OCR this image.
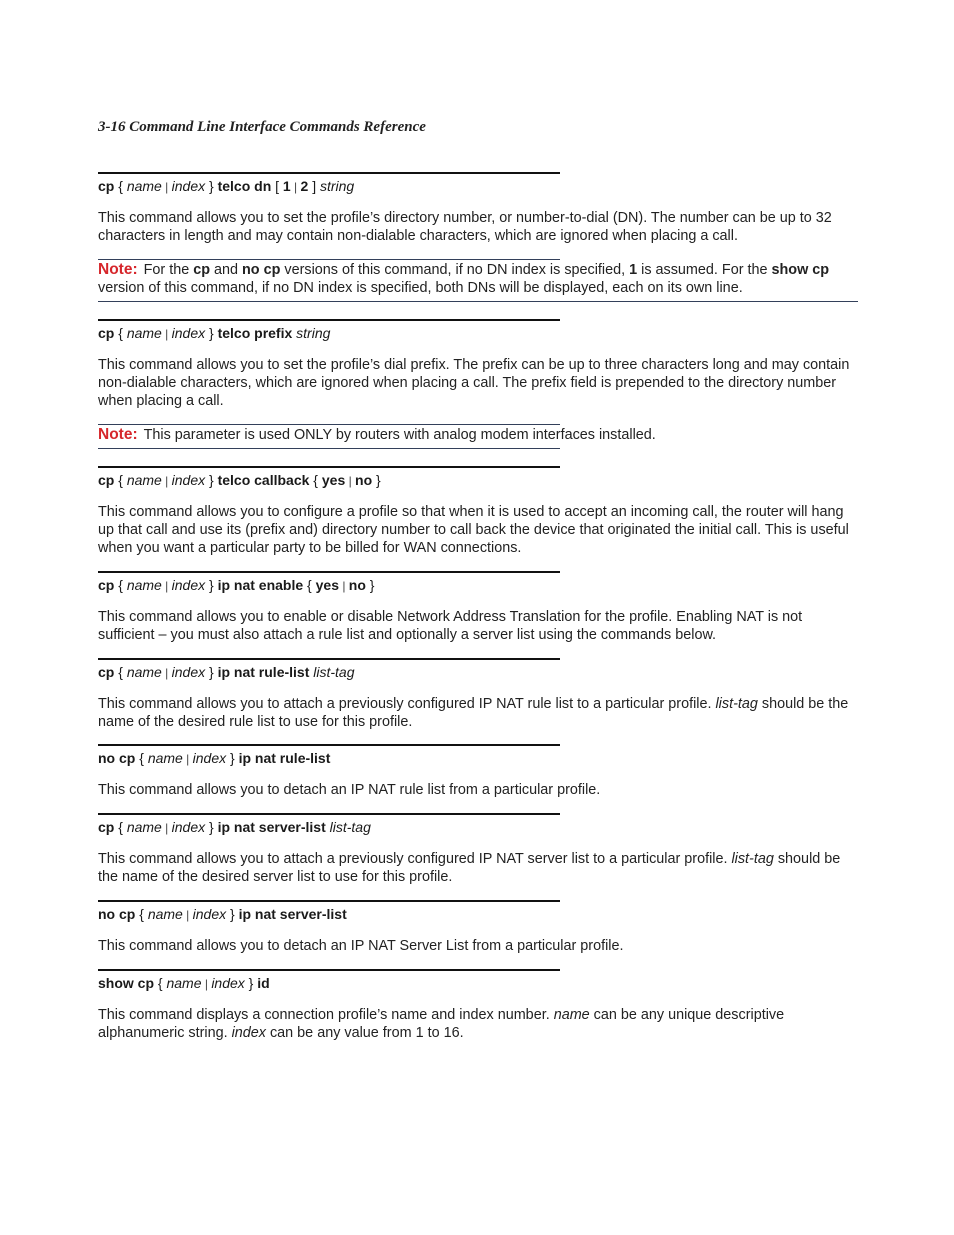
3-16 Command Line Interface Commands Reference
cp { name | index } telco dn [ 1 | 2 ] string
This command allows you to set the profile’s directory number, or number-to-dial (DN). The number can be up to 32 characters in length and may contain non-dialable characters, which are ignored when placing a call.
Note: For the cp and no cp versions of this command, if no DN index is specified, 1 is assumed. For the show cp version of this command, if no DN index is specified, both DNs will be displayed, each on its own line.
cp { name | index } telco prefix string
This command allows you to set the profile’s dial prefix. The prefix can be up to three characters long and may contain non-dialable characters, which are ignored when placing a call. The prefix field is prepended to the directory number when placing a call.
Note: This parameter is used ONLY by routers with analog modem interfaces installed.
cp { name | index } telco callback { yes | no }
This command allows you to configure a profile so that when it is used to accept an incoming call, the router will hang up that call and use its (prefix and) directory number to call back the device that originated the initial call. This is useful when you want a particular party to be billed for WAN connections.
cp { name | index } ip nat enable { yes | no }
This command allows you to enable or disable Network Address Translation for the profile. Enabling NAT is not sufficient – you must also attach a rule list and optionally a server list using the commands below.
cp { name | index } ip nat rule-list list-tag
This command allows you to attach a previously configured IP NAT rule list to a particular profile. list-tag should be the name of the desired rule list to use for this profile.
no cp { name | index } ip nat rule-list
This command allows you to detach an IP NAT rule list from a particular profile.
cp { name | index } ip nat server-list list-tag
This command allows you to attach a previously configured IP NAT server list to a particular profile. list-tag should be the name of the desired server list to use for this profile.
no cp { name | index } ip nat server-list
This command allows you to detach an IP NAT Server List from a particular profile.
show cp { name | index } id
This command displays a connection profile’s name and index number. name can be any unique descriptive alphanumeric string. index can be any value from 1 to 16.
